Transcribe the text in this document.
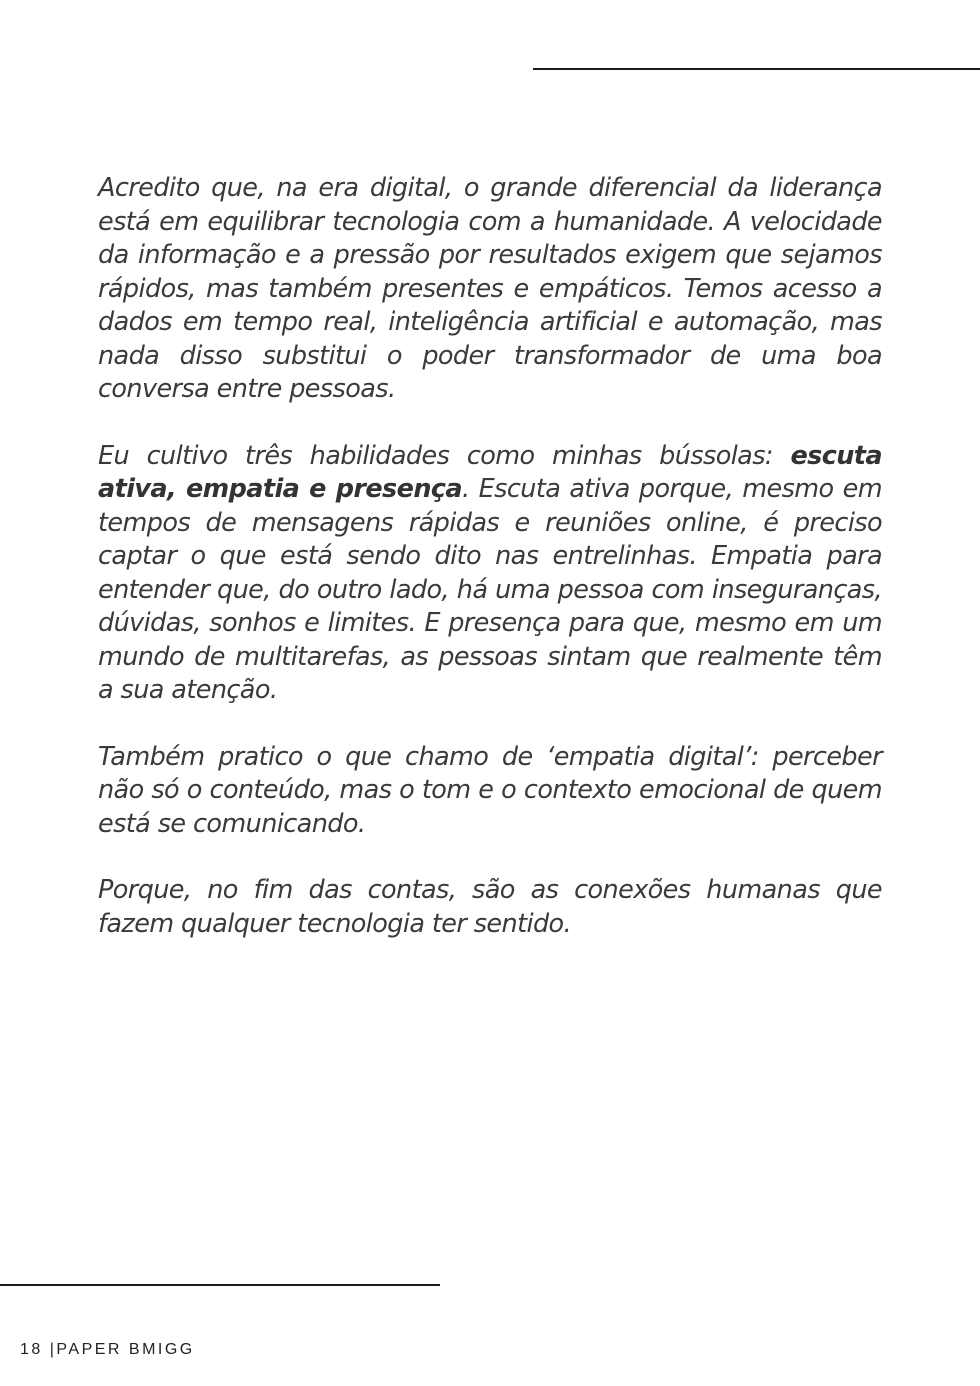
Acredito que, na era digital, o grande diferencial da liderança está em equilibrar tecnologia com a humanidade. A velocidade da informação e a pressão por resultados exigem que sejamos rápidos, mas também presentes e empáticos. Temos acesso a dados em tempo real, inteligência artificial e automação, mas nada disso substitui o poder transformador de uma boa conversa entre pessoas.

Eu cultivo três habilidades como minhas bússolas: escuta ativa, empatia e presença. Escuta ativa porque, mesmo em tempos de mensagens rápidas e reuniões online, é preciso captar o que está sendo dito nas entrelinhas. Empatia para entender que, do outro lado, há uma pessoa com inseguranças, dúvidas, sonhos e limites. E presença para que, mesmo em um mundo de multitarefas, as pessoas sintam que realmente têm a sua atenção.

Também pratico o que chamo de ‘empatia digital’: perceber não só o conteúdo, mas o tom e o contexto emocional de quem está se comunicando.

Porque, no fim das contas, são as conexões humanas que fazem qualquer tecnologia ter sentido.

18 |PAPER BMIGG
